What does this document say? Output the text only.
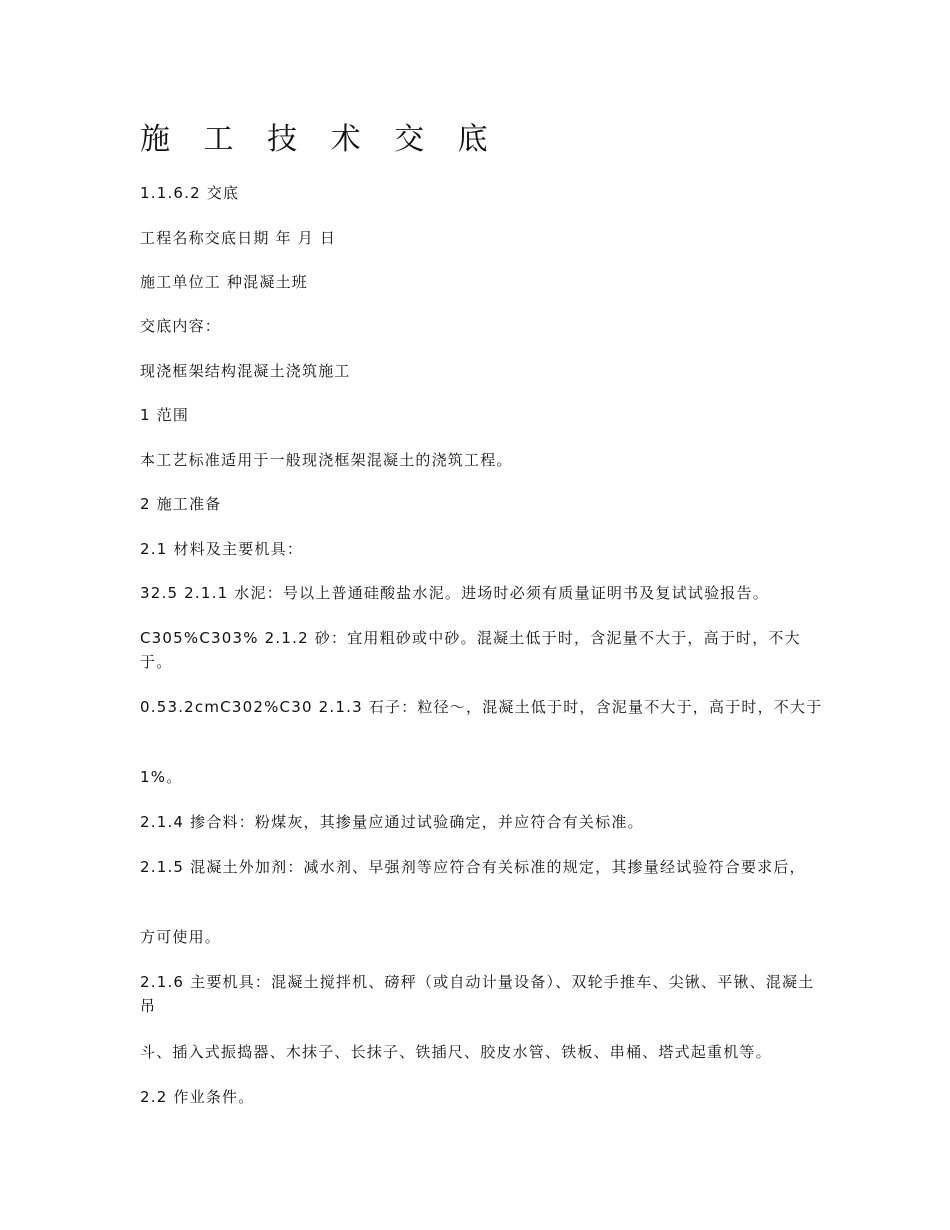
施 工 技 术 交 底
1.1.6.2 交底
工程名称交底日期 年 月 日
施工单位工 种混凝土班
交底内容：
现浇框架结构混凝土浇筑施工
1 范围
本工艺标准适用于一般现浇框架混凝土的浇筑工程。
2 施工准备
2.1 材料及主要机具：
32.5 2.1.1 水泥：号以上普通硅酸盐水泥。进场时必须有质量证明书及复试试验报告。
C305%C303% 2.1.2 砂：宜用粗砂或中砂。混凝土低于时，含泥量不大于，高于时，不大于。
0.53.2cmC302%C30 2.1.3 石子：粒径～，混凝土低于时，含泥量不大于，高于时，不大于
1%。
2.1.4 掺合料：粉煤灰，其掺量应通过试验确定，并应符合有关标准。
2.1.5 混凝土外加剂：减水剂、早强剂等应符合有关标准的规定，其掺量经试验符合要求后，
方可使用。
2.1.6 主要机具：混凝土搅拌机、磅秤（或自动计量设备）、双轮手推车、尖锹、平锹、混凝土吊
斗、插入式振捣器、木抹子、长抹子、铁插尺、胶皮水管、铁板、串桶、塔式起重机等。
2.2 作业条件。
